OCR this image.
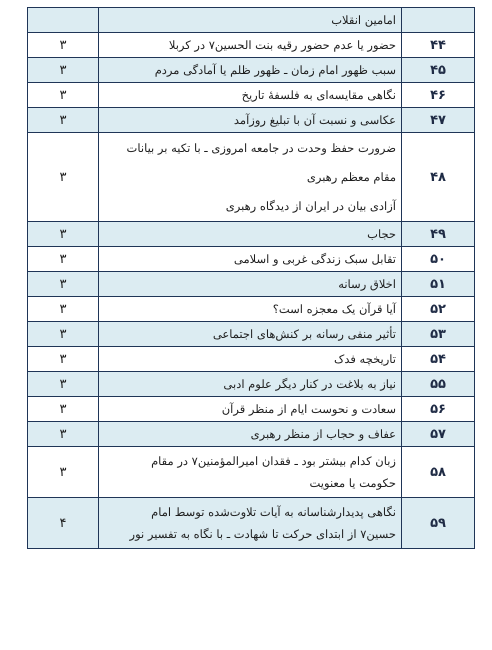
	امامین انقلاب	
۴۴	حضور یا عدم حضور رقیه بنت الحسین۷ در کربلا	۳
۴۵	سبب ظهور امام زمان ـ ظهور ظلم یا آمادگی مردم	۳
۴۶	نگاهی مقایسه‌ای به فلسفۀ تاریخ	۳
۴۷	عکاسی و نسبت آن با تبلیغ روزآمد	۳
۴۸	ضرورت حفظ وحدت در جامعه امروزی ـ با تکیه بر بیانات
مقام معظم رهبری
آزادی بیان در ایران از دیدگاه رهبری	۳
۴۹	حجاب	۳
۵۰	تقابل سبک زندگی غربی و اسلامی	۳
۵۱	اخلاق رسانه	۳
۵۲	آیا قرآن یک معجزه است؟	۳
۵۳	تأثیر منفی رسانه بر کنش‌های اجتماعی	۳
۵۴	تاریخچه فدک	۳
۵۵	نیاز به بلاغت در کنار دیگر علوم ادبی	۳
۵۶	سعادت و نحوست ایام از منظر قرآن	۳
۵۷	عفاف و حجاب از منظر رهبری	۳
۵۸	زبان کدام بیشتر بود ـ فقدان امیرالمؤمنین۷ در مقام
حکومت یا معنویت	۳
۵۹	نگاهی پدیدارشناسانه به آیات تلاوت‌شده توسط امام
حسین۷ از ابتدای حرکت تا شهادت ـ با نگاه به تفسیر نور	۴
